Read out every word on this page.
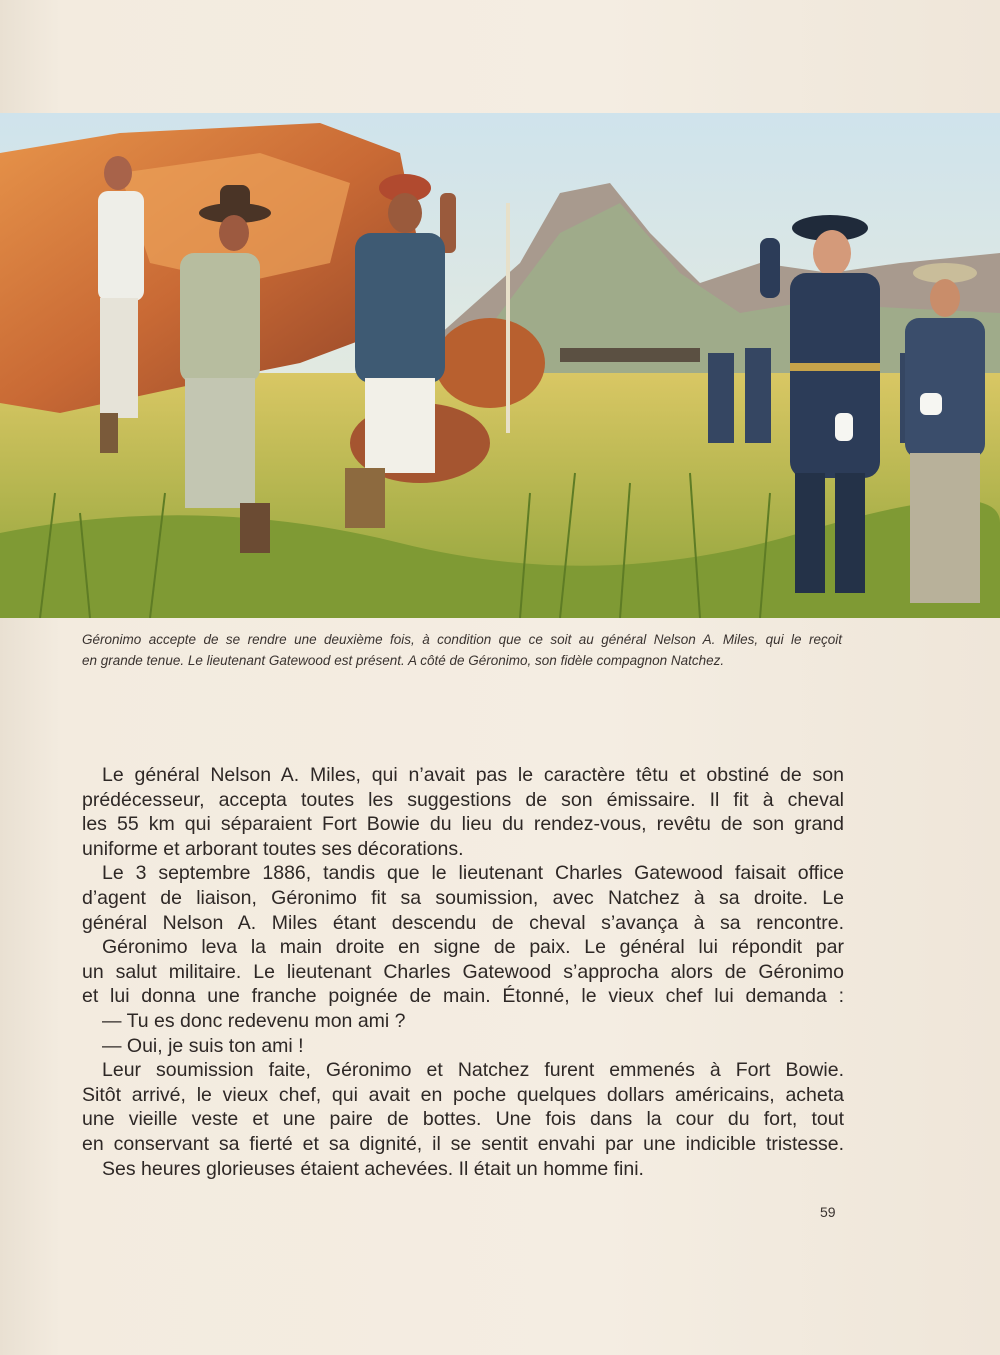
Géronimo accepte de se rendre une deuxième fois, à condition que ce soit au général Nelson A. Miles, qui le reçoit
en grande tenue. Le lieutenant Gatewood est présent. A côté de Géronimo, son fidèle compagnon Natchez.

Le général Nelson A. Miles, qui n’avait pas le caractère têtu et obstiné de son
prédécesseur, accepta toutes les suggestions de son émissaire. Il fit à cheval
les 55 km qui séparaient Fort Bowie du lieu du rendez-vous, revêtu de son grand
uniforme et arborant toutes ses décorations.
Le 3 septembre 1886, tandis que le lieutenant Charles Gatewood faisait office
d’agent de liaison, Géronimo fit sa soumission, avec Natchez à sa droite. Le
général Nelson A. Miles étant descendu de cheval s’avança à sa rencontre.
Géronimo leva la main droite en signe de paix. Le général lui répondit par
un salut militaire. Le lieutenant Charles Gatewood s’approcha alors de Géronimo
et lui donna une franche poignée de main. Étonné, le vieux chef lui demanda :
— Tu es donc redevenu mon ami ?
— Oui, je suis ton ami !
Leur soumission faite, Géronimo et Natchez furent emmenés à Fort Bowie.
Sitôt arrivé, le vieux chef, qui avait en poche quelques dollars américains, acheta
une vieille veste et une paire de bottes. Une fois dans la cour du fort, tout
en conservant sa fierté et sa dignité, il se sentit envahi par une indicible tristesse.
Ses heures glorieuses étaient achevées. Il était un homme fini.

59
